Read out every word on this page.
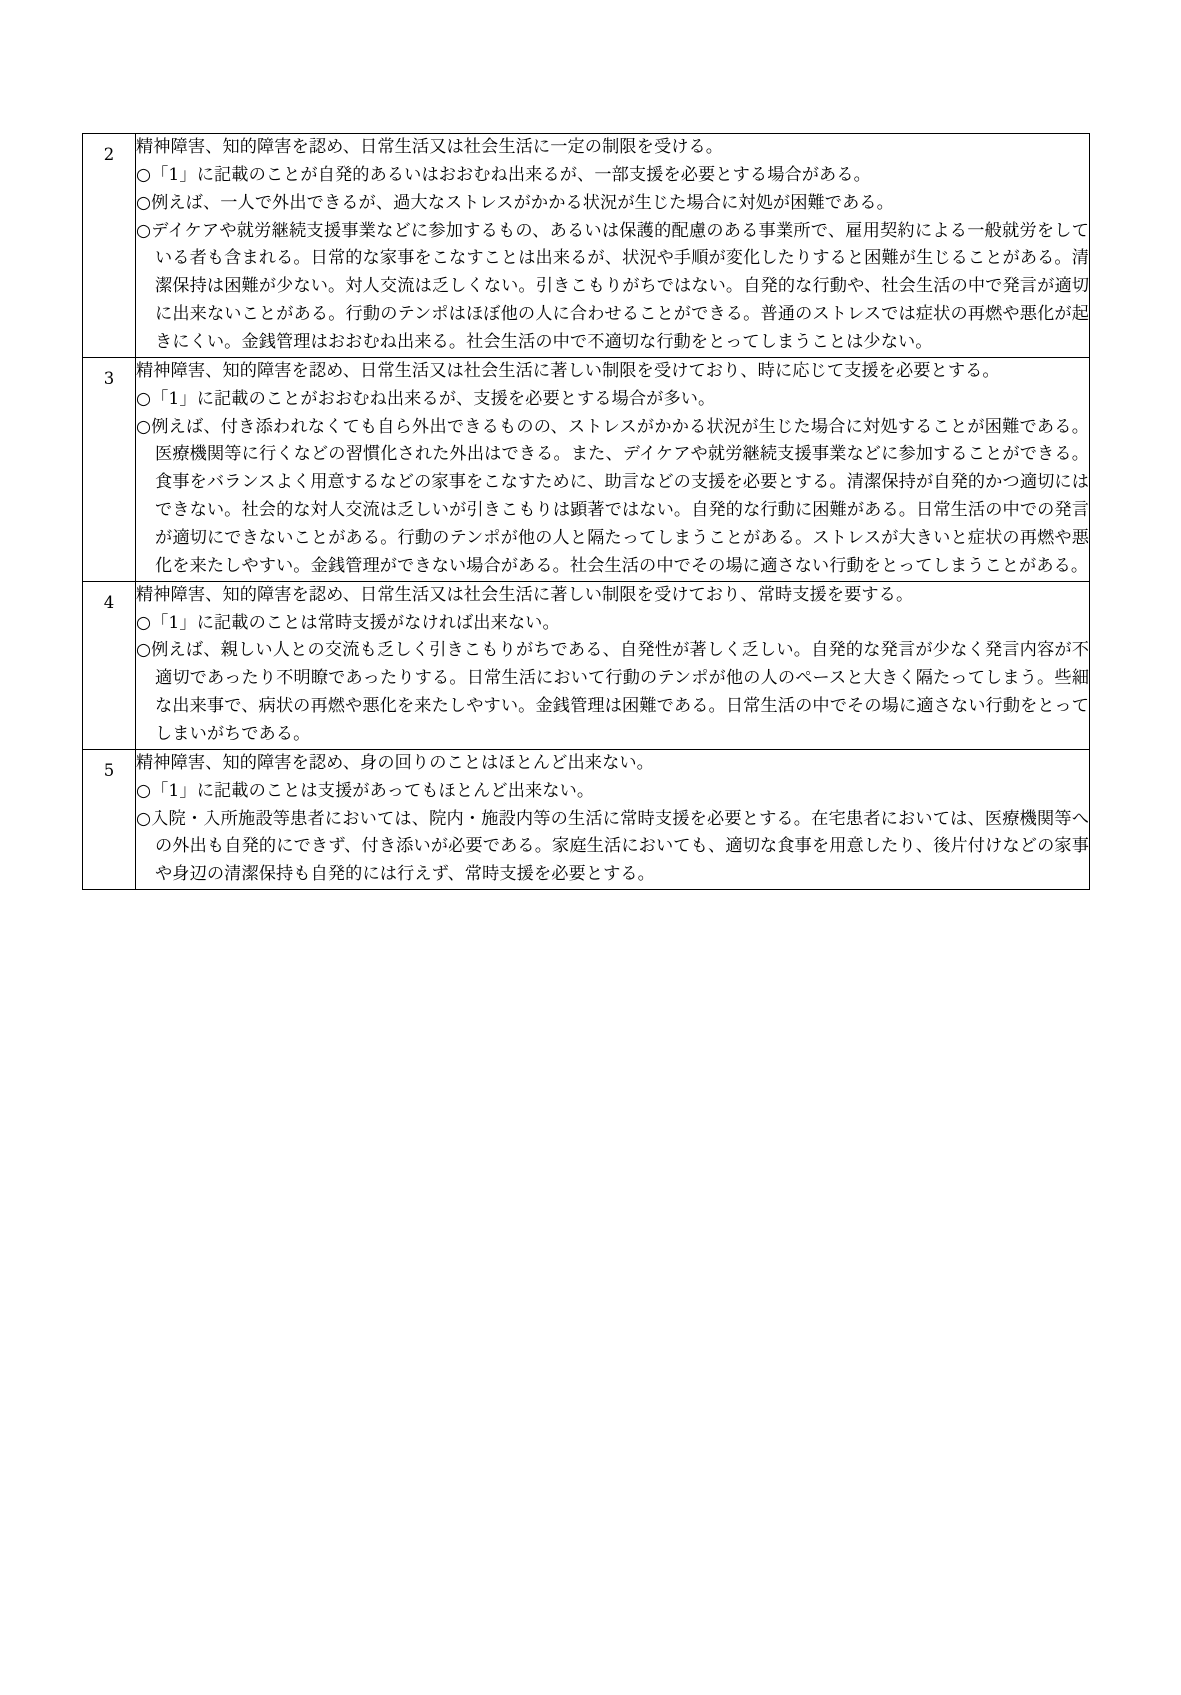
2	精神障害、知的障害を認め、日常生活又は社会生活に一定の制限を受ける。

○「1」に記載のことが自発的あるいはおおむね出来るが、一部支援を必要とする場合がある。

○例えば、一人で外出できるが、過大なストレスがかかる状況が生じた場合に対処が困難である。

○デイケアや就労継続支援事業などに参加するもの、あるいは保護的配慮のある事業所で、雇用契約による一般就労をしている者も含まれる。日常的な家事をこなすことは出来るが、状況や手順が変化したりすると困難が生じることがある。清潔保持は困難が少ない。対人交流は乏しくない。引きこもりがちではない。自発的な行動や、社会生活の中で発言が適切に出来ないことがある。行動のテンポはほぼ他の人に合わせることができる。普通のストレスでは症状の再燃や悪化が起きにくい。金銭管理はおおむね出来る。社会生活の中で不適切な行動をとってしまうことは少ない。

3	精神障害、知的障害を認め、日常生活又は社会生活に著しい制限を受けており、時に応じて支援を必要とする。

○「1」に記載のことがおおむね出来るが、支援を必要とする場合が多い。

○例えば、付き添われなくても自ら外出できるものの、ストレスがかかる状況が生じた場合に対処することが困難である。医療機関等に行くなどの習慣化された外出はできる。また、デイケアや就労継続支援事業などに参加することができる。食事をバランスよく用意するなどの家事をこなすために、助言などの支援を必要とする。清潔保持が自発的かつ適切にはできない。社会的な対人交流は乏しいが引きこもりは顕著ではない。自発的な行動に困難がある。日常生活の中での発言が適切にできないことがある。行動のテンポが他の人と隔たってしまうことがある。ストレスが大きいと症状の再燃や悪化を来たしやすい。金銭管理ができない場合がある。社会生活の中でその場に適さない行動をとってしまうことがある。

4	精神障害、知的障害を認め、日常生活又は社会生活に著しい制限を受けており、常時支援を要する。

○「1」に記載のことは常時支援がなければ出来ない。

○例えば、親しい人との交流も乏しく引きこもりがちである、自発性が著しく乏しい。自発的な発言が少なく発言内容が不適切であったり不明瞭であったりする。日常生活において行動のテンポが他の人のペースと大きく隔たってしまう。些細な出来事で、病状の再燃や悪化を来たしやすい。金銭管理は困難である。日常生活の中でその場に適さない行動をとってしまいがちである。

5	精神障害、知的障害を認め、身の回りのことはほとんど出来ない。

○「1」に記載のことは支援があってもほとんど出来ない。

○入院・入所施設等患者においては、院内・施設内等の生活に常時支援を必要とする。在宅患者においては、医療機関等への外出も自発的にできず、付き添いが必要である。家庭生活においても、適切な食事を用意したり、後片付けなどの家事や身辺の清潔保持も自発的には行えず、常時支援を必要とする。
